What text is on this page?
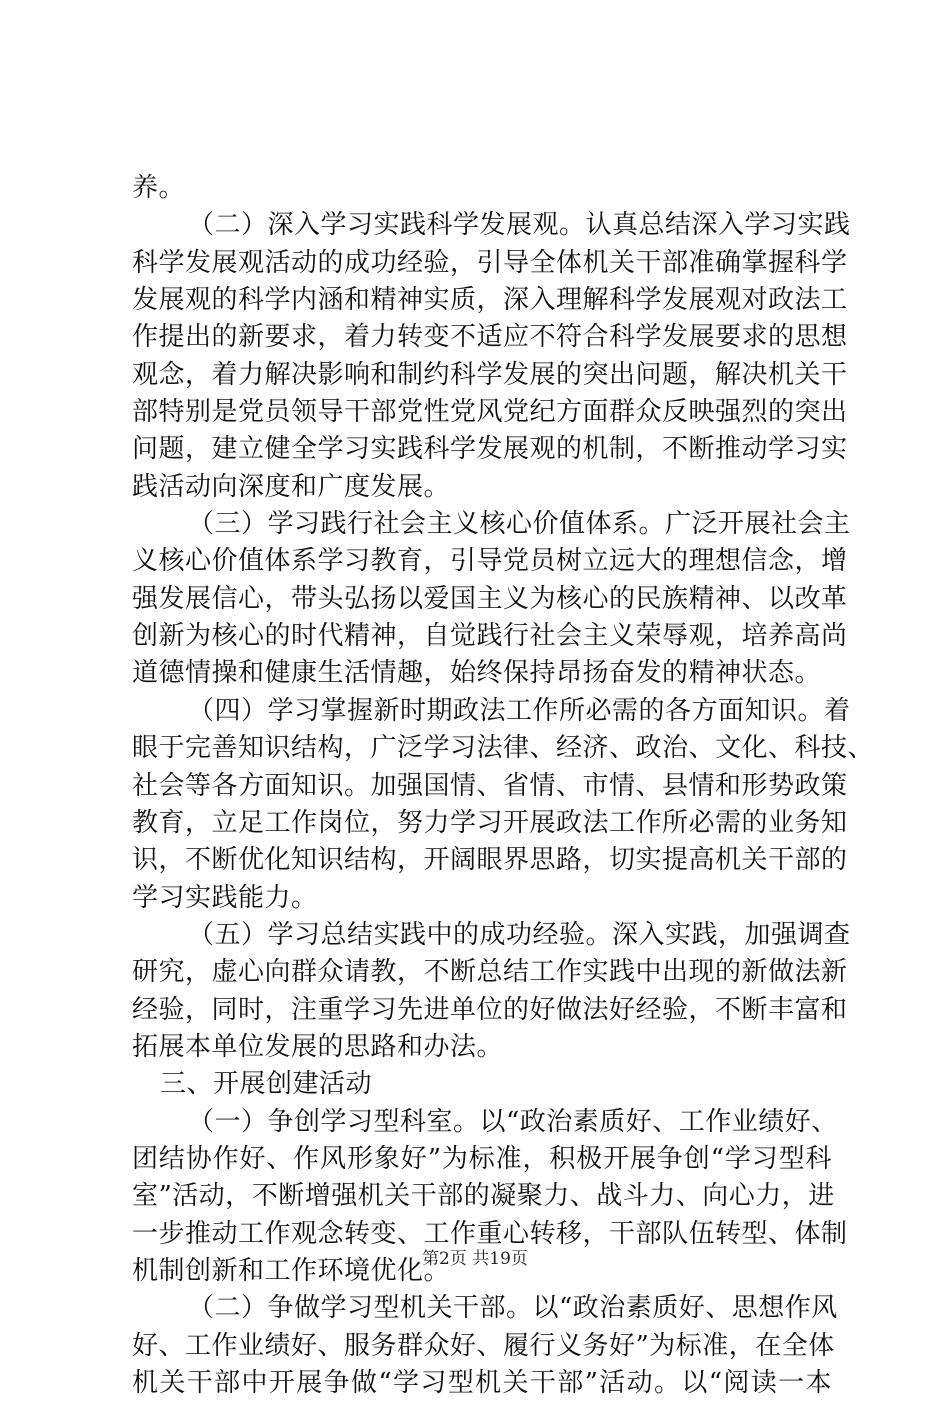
养。
（二）深入学习实践科学发展观。认真总结深入学习实践
科学发展观活动的成功经验，引导全体机关干部准确掌握科学
发展观的科学内涵和精神实质，深入理解科学发展观对政法工
作提出的新要求，着力转变不适应不符合科学发展要求的思想
观念，着力解决影响和制约科学发展的突出问题，解决机关干
部特别是党员领导干部党性党风党纪方面群众反映强烈的突出
问题，建立健全学习实践科学发展观的机制，不断推动学习实
践活动向深度和广度发展。
（三）学习践行社会主义核心价值体系。广泛开展社会主
义核心价值体系学习教育，引导党员树立远大的理想信念，增
强发展信心，带头弘扬以爱国主义为核心的民族精神、以改革
创新为核心的时代精神，自觉践行社会主义荣辱观，培养高尚
道德情操和健康生活情趣，始终保持昂扬奋发的精神状态。
（四）学习掌握新时期政法工作所必需的各方面知识。着
眼于完善知识结构，广泛学习法律、经济、政治、文化、科技、
社会等各方面知识。加强国情、省情、市情、县情和形势政策
教育，立足工作岗位，努力学习开展政法工作所必需的业务知
识，不断优化知识结构，开阔眼界思路，切实提高机关干部的
学习实践能力。
（五）学习总结实践中的成功经验。深入实践，加强调查
研究，虚心向群众请教，不断总结工作实践中出现的新做法新
经验，同时，注重学习先进单位的好做法好经验，不断丰富和
拓展本单位发展的思路和办法。
三、开展创建活动
（一）争创学习型科室。以“政治素质好、工作业绩好、
团结协作好、作风形象好”为标准，积极开展争创“学习型科
室”活动，不断增强机关干部的凝聚力、战斗力、向心力，进
一步推动工作观念转变、工作重心转移，干部队伍转型、体制
机制创新和工作环境优化。
（二）争做学习型机关干部。以“政治素质好、思想作风
好、工作业绩好、服务群众好、履行义务好”为标准，在全体
机关干部中开展争做“学习型机关干部”活动。以“阅读一本
第2页 共19页
